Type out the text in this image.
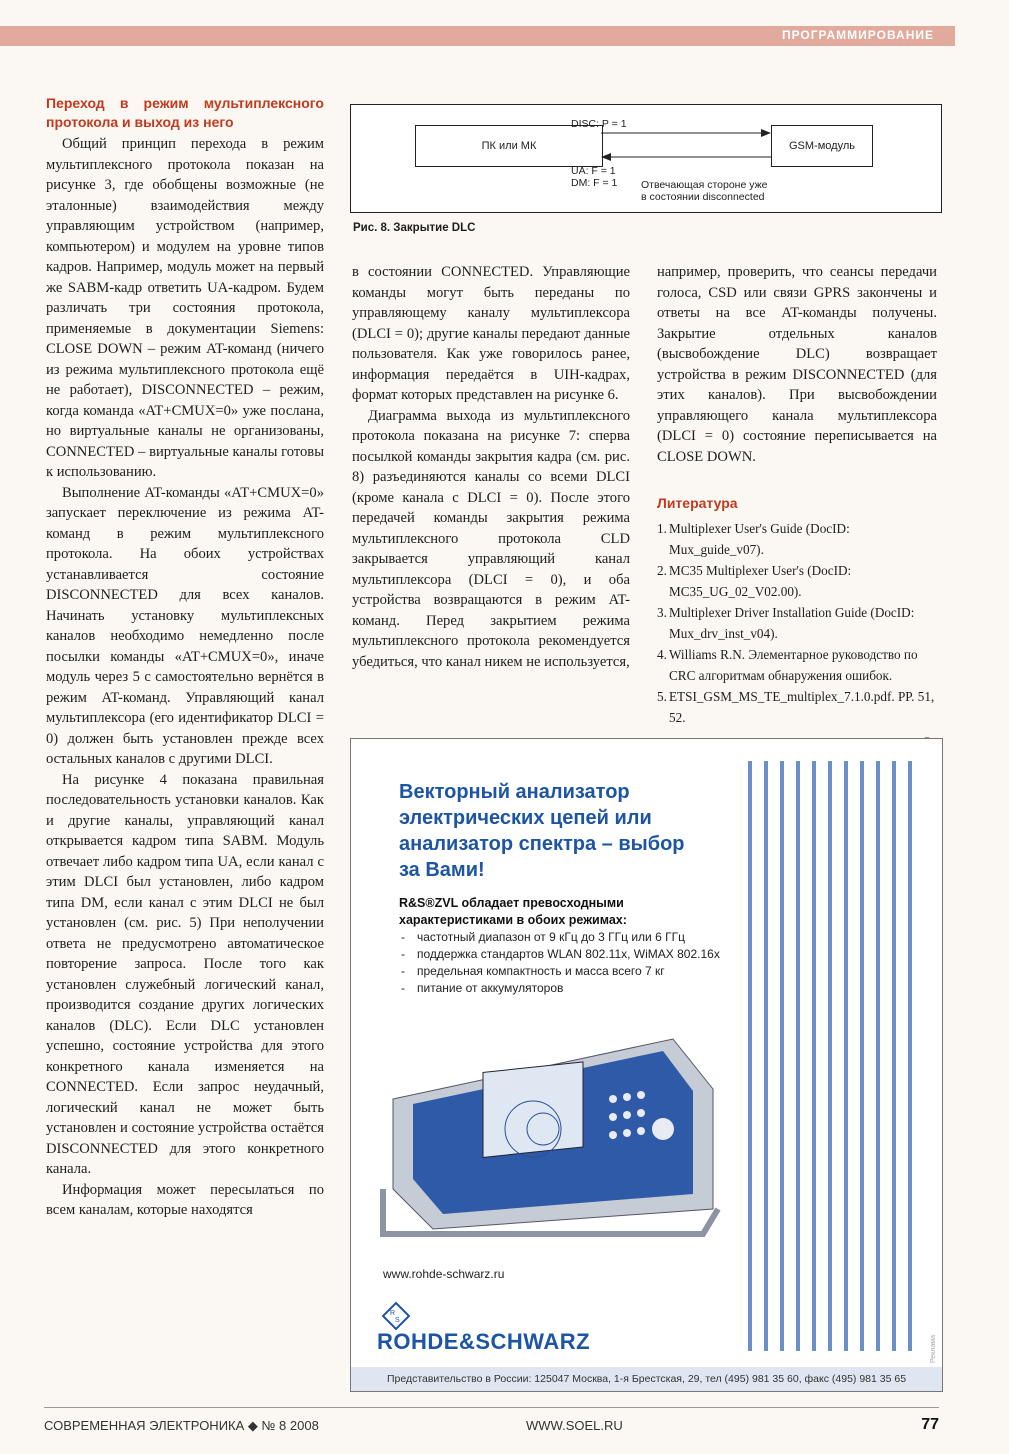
ПРОГРАММИРОВАНИЕ
Переход в режим мультиплексного протокола и выход из него

Общий принцип перехода в режим мультиплексного протокола показан на рисунке 3, где обобщены возможные (не эталонные) взаимодействия между управляющим устройством (например, компьютером) и модулем на уровне типов кадров. Например, модуль может на первый же SABM-кадр ответить UA-кадром. Будем различать три состояния протокола, применяемые в документации Siemens: CLOSE DOWN – режим AT-команд (ничего из режима мультиплексного протокола ещё не работает), DISCONNECTED – режим, когда команда «AT+CMUX=0» уже послана, но виртуальные каналы не организованы, CONNECTED – виртуальные каналы готовы к использованию.

Выполнение AT-команды «AT+CMUX=0» запускает переключение из режима AT-команд в режим мультиплексного протокола. На обоих устройствах устанавливается состояние DISCONNECTED для всех каналов. Начинать установку мультиплексных каналов необходимо немедленно после посылки команды «AT+CMUX=0», иначе модуль через 5 с самостоятельно вернётся в режим AT-команд. Управляющий канал мультиплексора (его идентификатор DLCI = 0) должен быть установлен прежде всех остальных каналов с другими DLCI.

На рисунке 4 показана правильная последовательность установки каналов. Как и другие каналы, управляющий канал открывается кадром типа SABM. Модуль отвечает либо кадром типа UA, если канал с этим DLCI был установлен, либо кадром типа DM, если канал с этим DLCI не был установлен (см. рис. 5) При неполучении ответа не предусмотрено автоматическое повторение запроса. После того как установлен служебный логический канал, производится создание других логических каналов (DLC). Если DLC установлен успешно, состояние устройства для этого конкретного канала изменяется на CONNECTED. Если запрос неудачный, логический канал не может быть установлен и состояние устройства остаётся DISCONNECTED для этого конкретного канала.

Информация может пересылаться по всем каналам, которые находятся

ПК или МК	GSM-модуль
DISC: P = 1
UA: F = 1
DM: F = 1 Отвечающая стороне уже
в состоянии disconnected
Рис. 8. Закрытие DLC

в состоянии CONNECTED. Управляющие команды могут быть переданы по управляющему каналу мультиплексора (DLCI = 0); другие каналы передают данные пользователя. Как уже говорилось ранее, информация передаётся в UIH-кадрах, формат которых представлен на рисунке 6.

Диаграмма выхода из мультиплексного протокола показана на рисунке 7: сперва посылкой команды закрытия кадра (см. рис. 8) разъединяются каналы со всеми DLCI (кроме канала с DLCI = 0). После этого передачей команды закрытия режима мультиплексного протокола CLD закрывается управляющий канал мультиплексора (DLCI = 0), и оба устройства возвращаются в режим AT-команд. Перед закрытием режима мультиплексного протокола рекомендуется убедиться, что канал никем не используется,

например, проверить, что сеансы передачи голоса, CSD или связи GPRS закончены и ответы на все AT-команды получены. Закрытие отдельных каналов (высвобождение DLC) возвращает устройства в режим DISCONNECTED (для этих каналов). При высвобождении управляющего канала мультиплексора (DLCI = 0) состояние переписывается на CLOSE DOWN.

Литература
1. Multiplexer User's Guide (DocID: Mux_guide_v07).
2. MC35 Multiplexer User's (DocID: MC35_UG_02_V02.00).
3. Multiplexer Driver Installation Guide (DocID: Mux_drv_inst_v04).
4. Williams R.N. Элементарное руководство по CRC алгоритмам обнаружения ошибок.
5. ETSI_GSM_MS_TE_multiplex_7.1.0.pdf. PP. 51, 52.
Векторный анализатор электрических цепей или анализатор спектра – выбор за Вами!
R&S®ZVL обладает превосходными характеристиками в обоих режимах:
- частотный диапазон от 9 кГц до 3 ГГц или 6 ГГц
- поддержка стандартов WLAN 802.11x, WiMAX 802.16x
- предельная компактность и масса всего 7 кг
- питание от аккумуляторов
www.rohde-schwarz.ru
R
S
ROHDE&SCHWARZ	Реклама
Представительство в России: 125047 Москва, 1-я Брестская, 29, тел (495) 981 35 60, факс (495) 981 35 65
СОВРЕМЕННАЯ ЭЛЕКТРОНИКА ◆ № 8 2008	WWW.SOEL.RU	77
